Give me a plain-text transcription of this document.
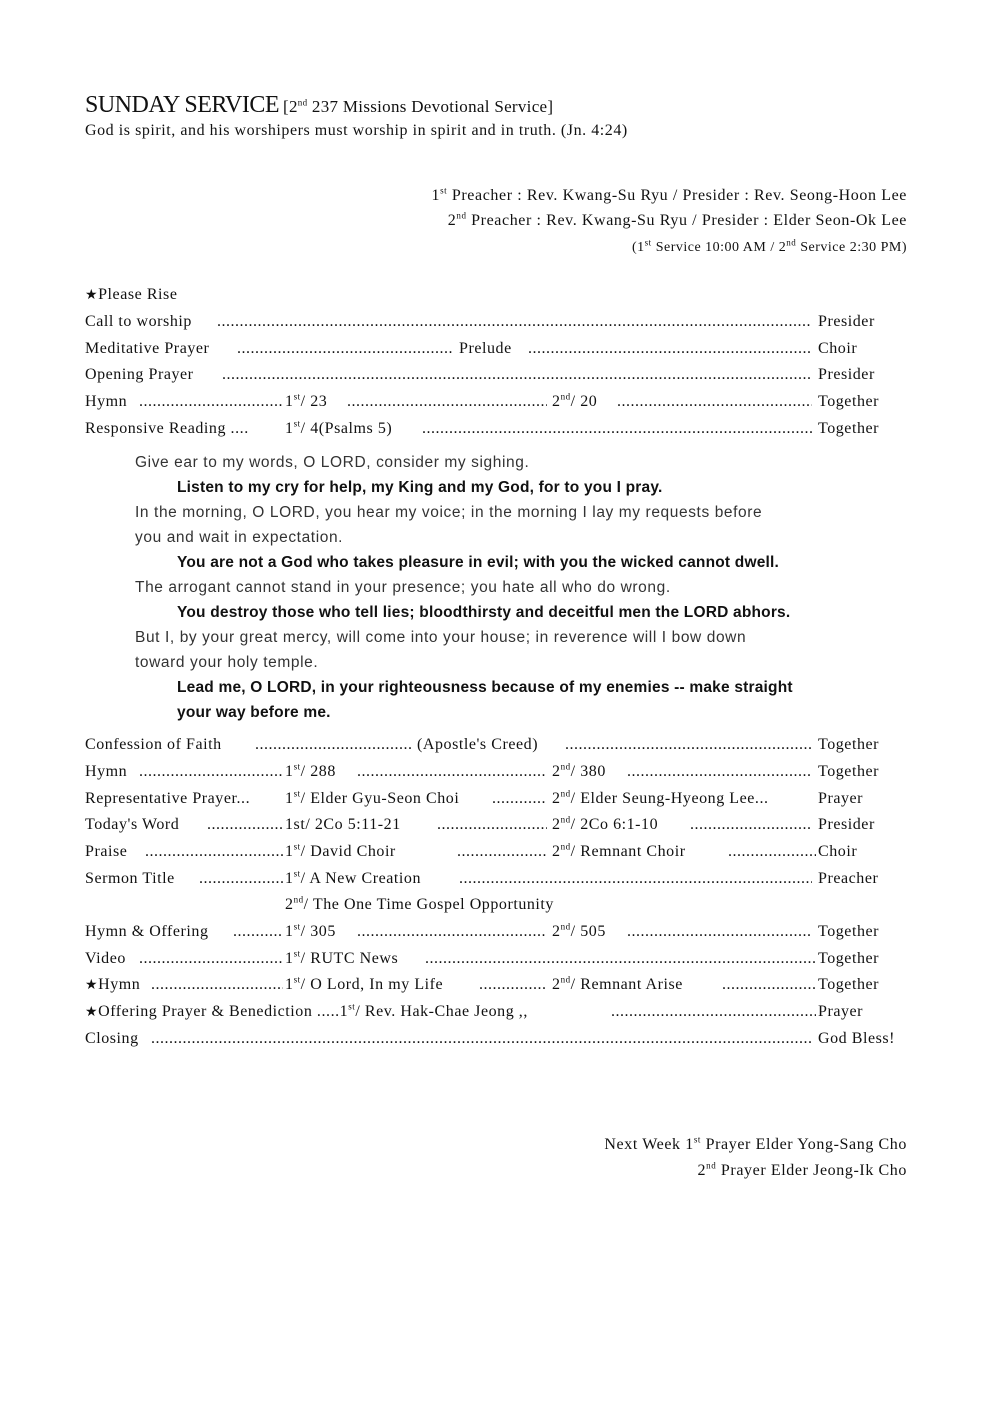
SUNDAY SERVICE [2nd 237 Missions Devotional Service]
God is spirit, and his worshipers must worship in spirit and in truth. (Jn. 4:24)
1st Preacher : Rev. Kwang-Su Ryu / Presider : Rev. Seong-Hoon Lee
2nd Preacher : Rev. Kwang-Su Ryu / Presider : Elder Seon-Ok Lee
(1st Service 10:00 AM / 2nd Service 2:30 PM)
★Please Rise
Call to worship .....	Presider
Meditative Prayer .....	Prelude .....	Choir
Opening Prayer .....	Presider
Hymn .....	1st/ 23 .....	2nd/ 20 .....	Together
Responsive Reading .... 1st/ 4(Psalms 5) .....	Together
Give ear to my words, O LORD, consider my sighing.
Listen to my cry for help, my King and my God, for to you I pray.
In the morning, O LORD, you hear my voice; in the morning I lay my requests before
you and wait in expectation.
You are not a God who takes pleasure in evil; with you the wicked cannot dwell.
The arrogant cannot stand in your presence; you hate all who do wrong.
You destroy those who tell lies; bloodthirsty and deceitful men the LORD abhors.
But I, by your great mercy, will come into your house; in reverence will I bow down
toward your holy temple.
Lead me, O LORD, in your righteousness because of my enemies -- make straight
your way before me.
Confession of Faith .....	(Apostle's Creed) .....	Together
Hymn .....	1st/ 288 .....	2nd/ 380 .....	Together
Representative Prayer... 1st/ Elder Gyu-Seon Choi .....	2nd/ Elder Seung-Hyeong Lee...	Prayer
Today's Word .....	1st/ 2Co 5:11-21 .....	2nd/ 2Co 6:1-10 .....	Presider
Praise .....	1st/ David Choir .....	2nd/ Remnant Choir .....	Choir
Sermon Title .....	1st/ A New Creation .....	Preacher
2nd/ The One Time Gospel Opportunity
Hymn & Offering .....	1st/ 305 .....	2nd/ 505 .....	Together
Video .....	1st/ RUTC News .....	Together
★Hymn .....	1st/ O Lord, In my Life .....	2nd/ Remnant Arise .....	Together
★Offering Prayer & Benediction .....1st/ Rev. Hak-Chae Jeong ,, .....	Prayer
Closing .....	God Bless!
Next Week 1st Prayer Elder Yong-Sang Cho
2nd Prayer Elder Jeong-Ik Cho
